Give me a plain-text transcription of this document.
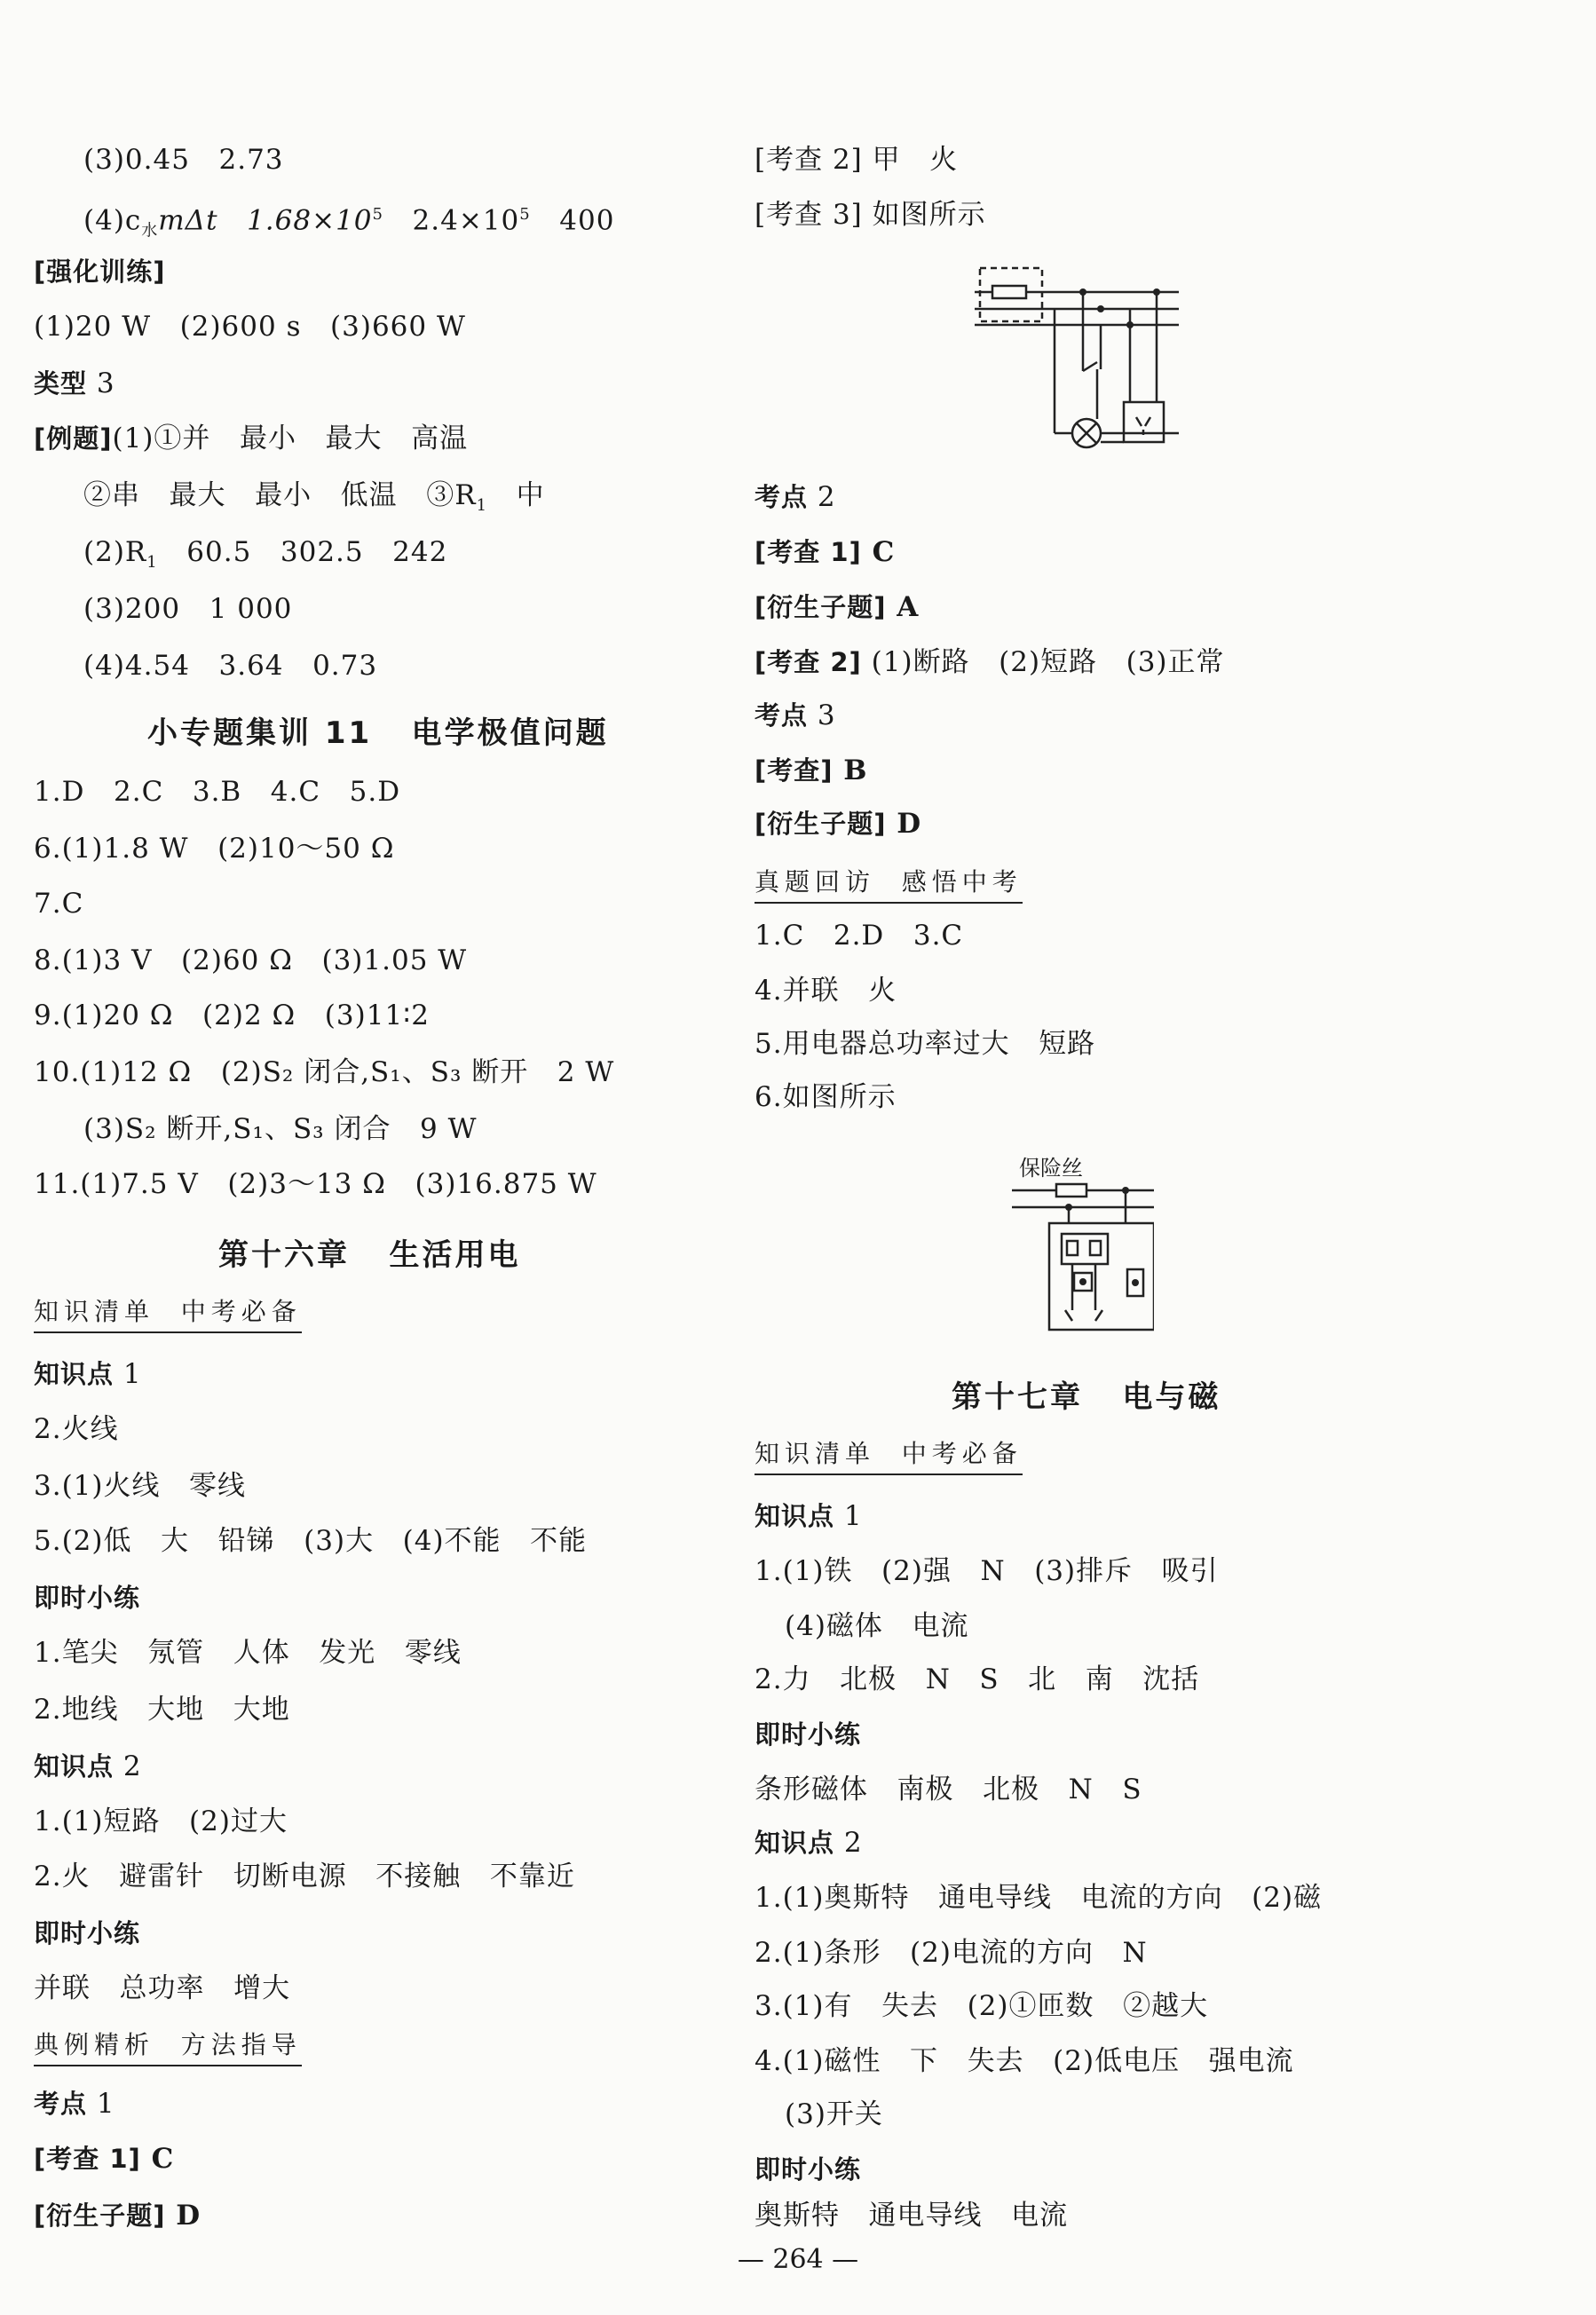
(3)0.45   2.73
$(4)c_水m\Delta t$   $1.68\times 10^5$   $2.4\times 10^5$   400
[强化训练]
(1)20 W   (2)600 s   (3)660 W
类型 3
[例题](1)①并   最小   最大   高温
②串   最大   最小   低温   $③R_1$   中
$(2)R_1$   60.5   302.5   242
(3)200   1 000
(4)4.54   3.64   0.73
小专题集训 11   电学极值问题
1.D   2.C   3.B   4.C   5.D
6.(1)1.8 W   (2)10～50 Ω
7.C
8.(1)3 V   (2)60 Ω   (3)1.05 W
9.(1)20 Ω   (2)2 Ω   (3)11∶2
10.(1)12 Ω   (2)S₂ 闭合,S₁、S₃ 断开   2 W
(3)S₂ 断开,S₁、S₃ 闭合   9 W
11.(1)7.5 V   (2)3～13 Ω   (3)16.875 W
第十六章   生活用电
知识清单  中考必备
知识点 1
2.火线
3.(1)火线   零线
5.(2)低   大   铅锑   (3)大   (4)不能   不能
即时小练
1.笔尖   氖管   人体   发光   零线
2.地线   大地   大地
知识点 2
1.(1)短路   (2)过大
2.火   避雷针   切断电源   不接触   不靠近
即时小练
并联   总功率   增大
典例精析  方法指导
考点 1
[考查 1] C
[衍生子题] D
[考查 2] 甲   火
[考查 3] 如图所示
考点 2
[考查 1] C
[衍生子题] A
[考查 2] (1)断路   (2)短路   (3)正常
考点 3
[考查] B
[衍生子题] D
真题回访  感悟中考
1.C   2.D   3.C
4.并联   火
5.用电器总功率过大   短路
6.如图所示
保险丝
第十七章   电与磁
知识清单  中考必备
知识点 1
1.(1)铁   (2)强   N   (3)排斥   吸引
(4)磁体   电流
2.力   北极   N   S   北   南   沈括
即时小练
条形磁体   南极   北极   N   S
知识点 2
1.(1)奥斯特   通电导线   电流的方向   (2)磁
2.(1)条形   (2)电流的方向   N
3.(1)有   失去   (2)①匝数   ②越大
4.(1)磁性   下   失去   (2)低电压   强电流
(3)开关
即时小练
奥斯特   通电导线   电流
— 264 —
